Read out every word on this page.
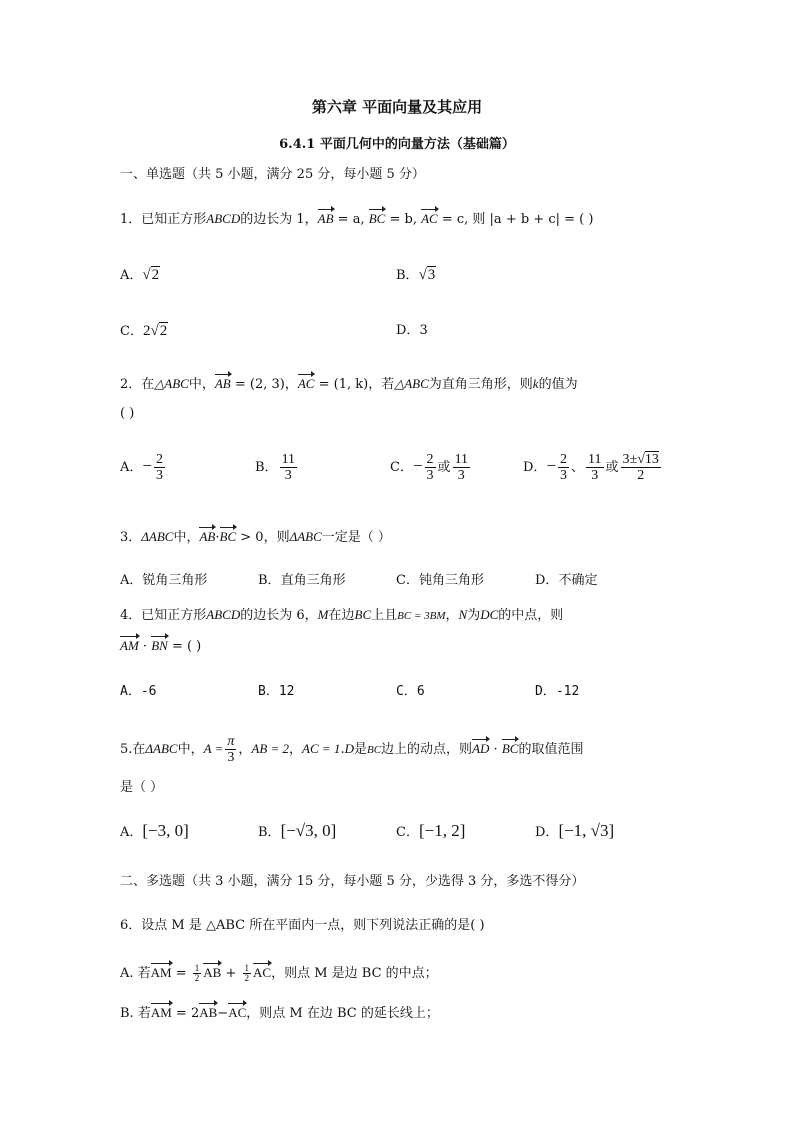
第六章 平面向量及其应用
6.4.1 平面几何中的向量方法（基础篇）
一、单选题（共 5 小题，满分 25 分，每小题 5 分）
1．已知正方形ABCD的边长为 1，AB = a, BC = b, AC = c, 则 |a + b + c| = ( )
A．√2	B．√3
C．2√2	D．3
2．在△ABC中，AB = (2, 3)，AC = (1, k)，若△ABC为直角三角形，则k的值为
( )
A．− $\frac{2}{3}$	B． $\frac{11}{3}$	C．− $\frac{2}{3}$ 或 $\frac{11}{3}$	D．− $\frac{2}{3}$ 、 $\frac{11}{3}$ 或 $\frac{3\pm√13}{2}$
3．ΔABC中，AB·BC > 0，则ΔABC一定是（ ）
A．锐角三角形	B．直角三角形	C．钝角三角形	D．不确定
4．已知正方形ABCD的边长为 6，M在边BC上且BC = 3BM，N为DC的中点，则
AM · BN = ( )
A．-6	B．12	C．6	D．-12
5.在ΔABC中，$A = \frac{\pi}{3}$ ，AB = 2，AC = 1.D是BC边上的动点，则AD · BC的取值范围
是（ ）
A．[−3, 0]	B．[−√3, 0]	C．[−1, 2]	D．[−1, √3]
二、多选题（共 3 小题，满分 15 分，每小题 5 分，少选得 3 分，多选不得分）
6．设点 M 是 △ABC 所在平面内一点，则下列说法正确的是( )
A. 若AM = $\frac{1}{2}$ AB + $\frac{1}{2}$ AC，则点 M 是边 BC 的中点；
B. 若AM = 2AB−AC，则点 M 在边 BC 的延长线上；
